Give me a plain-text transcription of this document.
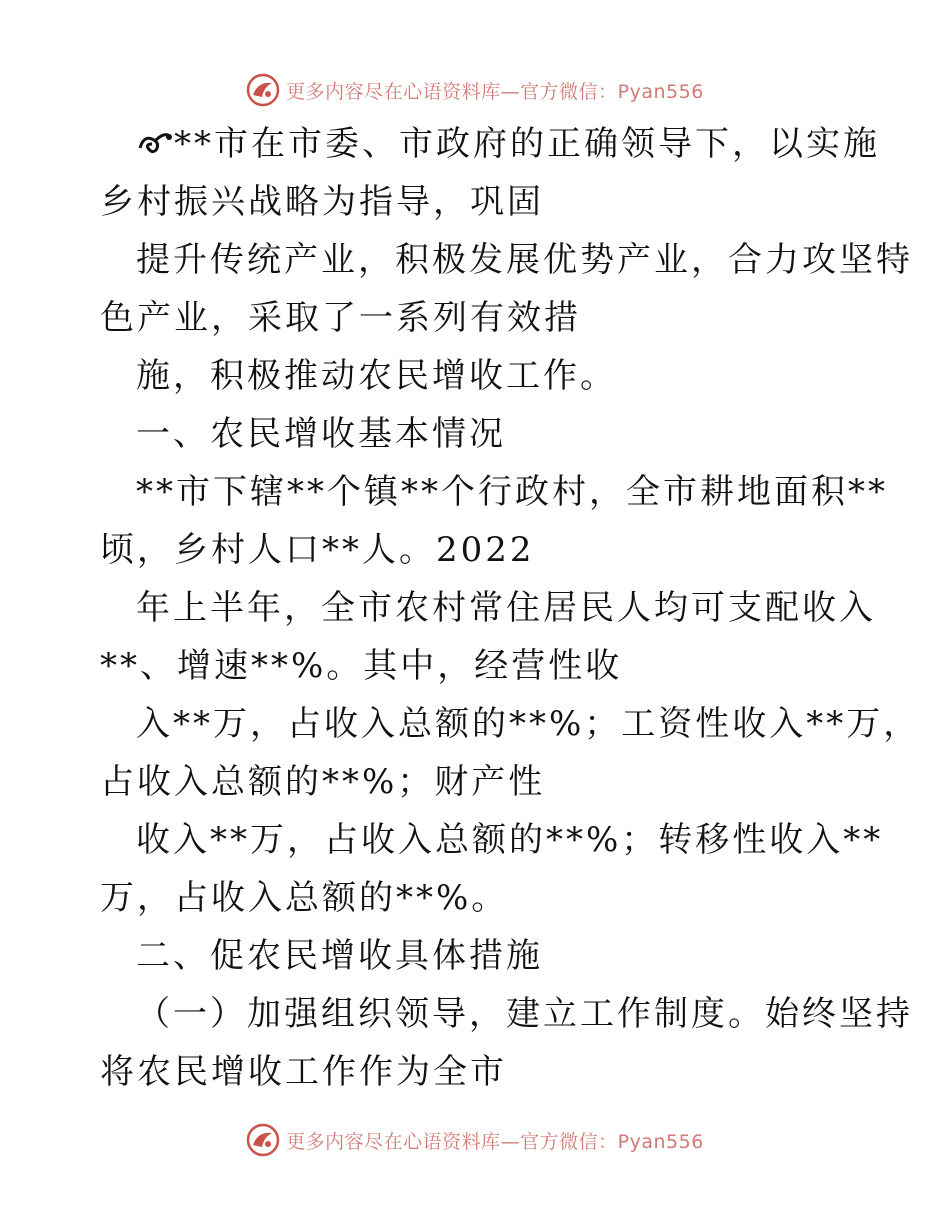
更多内容尽在心语资料库—官方微信：Pyan556
**市在市委、市政府的正确领导下，以实施
乡村振兴战略为指导，巩固
提升传统产业，积极发展优势产业，合力攻坚特
色产业，采取了一系列有效措
施，积极推动农民增收工作。
一、农民增收基本情况
**市下辖**个镇**个行政村，全市耕地面积**
顷，乡村人口**人。2022
年上半年，全市农村常住居民人均可支配收入
**、增速**%。其中，经营性收
入**万，占收入总额的**%；工资性收入**万，
占收入总额的**%；财产性
收入**万，占收入总额的**%；转移性收入**
万，占收入总额的**%。
二、促农民增收具体措施
（一）加强组织领导，建立工作制度。始终坚持
将农民增收工作作为全市
更多内容尽在心语资料库—官方微信：Pyan556
